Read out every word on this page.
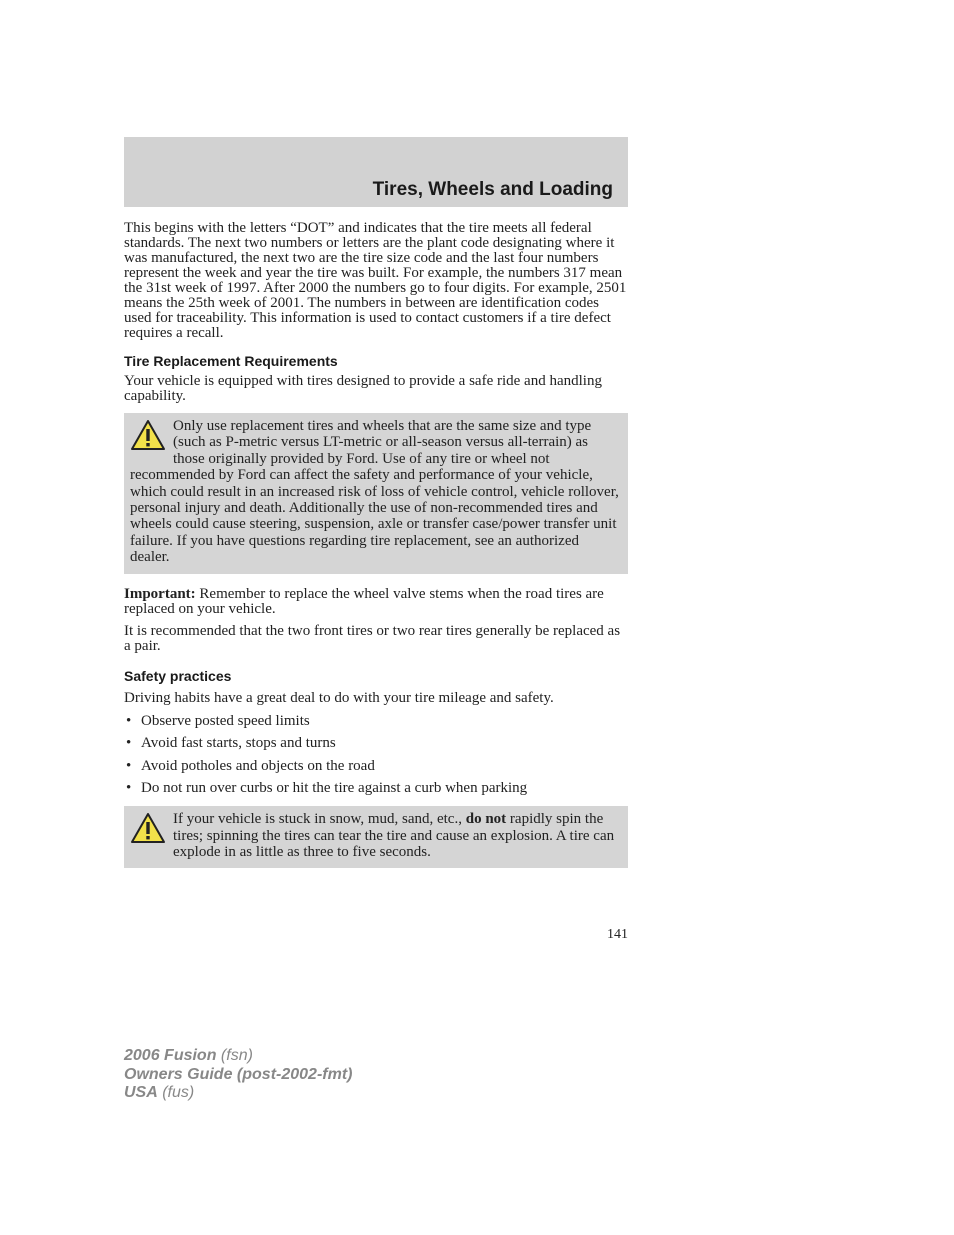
Tires, Wheels and Loading

This begins with the letters “DOT” and indicates that the tire meets all federal standards. The next two numbers or letters are the plant code designating where it was manufactured, the next two are the tire size code and the last four numbers represent the week and year the tire was built. For example, the numbers 317 mean the 31st week of 1997. After 2000 the numbers go to four digits. For example, 2501 means the 25th week of 2001. The numbers in between are identification codes used for traceability. This information is used to contact customers if a tire defect requires a recall.

Tire Replacement Requirements

Your vehicle is equipped with tires designed to provide a safe ride and handling capability.

Only use replacement tires and wheels that are the same size and type (such as P-metric versus LT-metric or all-season versus all-terrain) as those originally provided by Ford. Use of any tire or wheel not recommended by Ford can affect the safety and performance of your vehicle, which could result in an increased risk of loss of vehicle control, vehicle rollover, personal injury and death. Additionally the use of non-recommended tires and wheels could cause steering, suspension, axle or transfer case/power transfer unit failure. If you have questions regarding tire replacement, see an authorized dealer.

Important: Remember to replace the wheel valve stems when the road tires are replaced on your vehicle.

It is recommended that the two front tires or two rear tires generally be replaced as a pair.

Safety practices

Driving habits have a great deal to do with your tire mileage and safety.

• Observe posted speed limits
• Avoid fast starts, stops and turns
• Avoid potholes and objects on the road
• Do not run over curbs or hit the tire against a curb when parking
If your vehicle is stuck in snow, mud, sand, etc., do not rapidly spin the tires; spinning the tires can tear the tire and cause an explosion. A tire can explode in as little as three to five seconds.
141
2006 Fusion (fsn)
Owners Guide (post-2002-fmt)
USA (fus)
